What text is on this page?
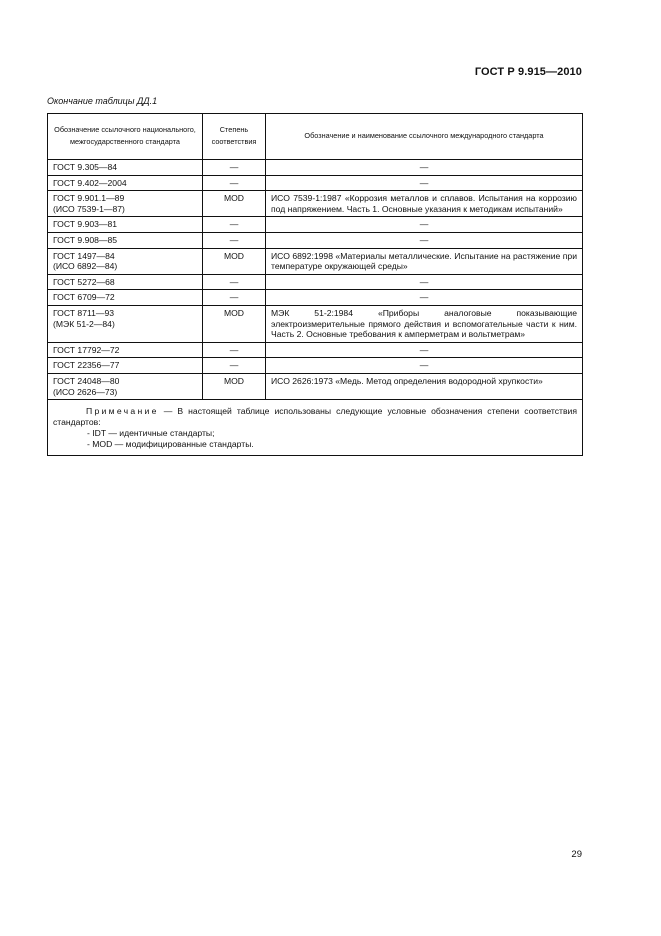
ГОСТ Р 9.915—2010
Окончание таблицы ДД.1
Обозначение ссылочного национального, межгосударственного стандарта	Степень соответствия	Обозначение и наименование ссылочного международного стандарта

ГОСТ 9.305—84	—	—

ГОСТ 9.402—2004	—	—

ГОСТ 9.901.1—89
(ИСО 7539-1—87)	MOD	ИСО 7539-1:1987 «Коррозия металлов и сплавов. Испытания на коррозию под напряжением. Часть 1. Основные указания к методикам испытаний»

ГОСТ 9.903—81	—	—

ГОСТ 9.908—85	—	—

ГОСТ 1497—84
(ИСО 6892—84)	MOD	ИСО 6892:1998 «Материалы металлические. Испытание на растяжение при температуре окружающей среды»

ГОСТ 5272—68	—	—

ГОСТ 6709—72	—	—

ГОСТ 8711—93
(МЭК 51-2—84)	MOD	МЭК 51-2:1984 «Приборы аналоговые показывающие электроизмерительные прямого действия и вспомогательные части к ним. Часть 2. Основные требования к амперметрам и вольтметрам»

ГОСТ 17792—72	—	—

ГОСТ 22356—77	—	—

ГОСТ 24048—80
(ИСО 2626—73)	MOD	ИСО 2626:1973 «Медь. Метод определения водородной хрупкости»

Примечание — В настоящей таблице использованы следующие условные обозначения степени соответствия стандартов:
- IDT — идентичные стандарты;
- MOD — модифицированные стандарты.		
29
